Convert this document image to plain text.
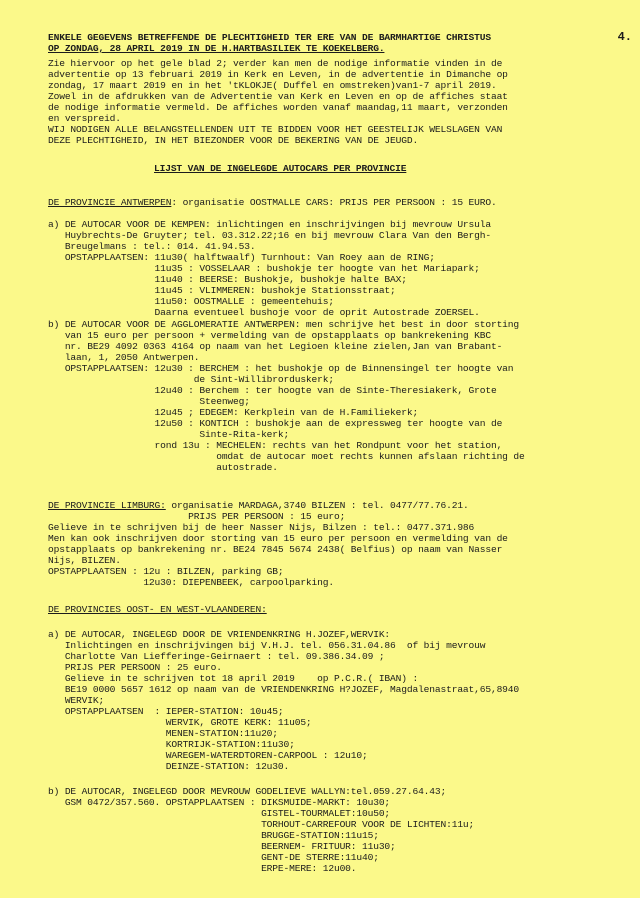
4.
ENKELE GEGEVENS BETREFFENDE DE PLECHTIGHEID TER ERE VAN DE BARMHARTIGE CHRISTUS
OP ZONDAG, 28 APRIL 2019 IN DE H.HARTBASILIEK TE KOEKELBERG.
Zie hiervoor op het gele blad 2; verder kan men de nodige informatie vinden in de
advertentie op 13 februari 2019 in Kerk en Leven, in de advertentie in Dimanche op
zondag, 17 maart 2019 en in het 'tKLOKJE( Duffel en omstreken)van1-7 april 2019.
Zowel in de afdrukken van de Advertentie van Kerk en Leven en op de affiches staat
de nodige informatie vermeld. De affiches worden vanaf maandag,11 maart, verzonden
en verspreid.
WIJ NODIGEN ALLE BELANGSTELLENDEN UIT TE BIDDEN VOOR HET GEESTELIJK WELSLAGEN VAN
DEZE PLECHTIGHEID, IN HET BIEZONDER VOOR DE BEKERING VAN DE JEUGD.
LIJST VAN DE INGELEGDE AUTOCARS PER PROVINCIE
DE PROVINCIE ANTWERPEN: organisatie OOSTMALLE CARS: PRIJS PER PERSOON : 15 EURO.
a) DE AUTOCAR VOOR DE KEMPEN: inlichtingen en inschrijvingen bij mevrouw Ursula
Huybrechts-De Gruyter; tel. 03.312.22;16 en bij mevrouw Clara Van den Bergh-
Breugelmans : tel.: 014. 41.94.53.
OPSTAPPLAATSEN: 11u30( halftwaalf) Turnhout: Van Roey aan de RING;
11u35 : VOSSELAAR : bushokje ter hoogte van het Mariapark;
11u40 : BEERSE: Bushokje, bushokje halte BAX;
11u45 : VLIMMEREN: bushokje Stationsstraat;
11u50: OOSTMALLE : gemeentehuis;
Daarna eventueel bushoje voor de oprit Autostrade ZOERSEL.
b) DE AUTOCAR VOOR DE AGGLOMERATIE ANTWERPEN: men schrijve het best in door storting
van 15 euro per persoon + vermelding van de opstapplaats op bankrekening KBC
nr. BE29 4092 0363 4164 op naam van het Legioen kleine zielen,Jan van Brabant-
laan, 1, 2050 Antwerpen.
OPSTAPPLAATSEN: 12u30 : BERCHEM : het bushokje op de Binnensingel ter hoogte van
de Sint-Willibrorduskerk;
12u40 : Berchem : ter hoogte van de Sinte-Theresiakerk, Grote
Steenweg;
12u45 ; EDEGEM: Kerkplein van de H.Familiekerk;
12u50 : KONTICH : bushokje aan de expressweg ter hoogte van de
Sinte-Rita-kerk;
rond 13u : MECHELEN: rechts van het Rondpunt voor het station,
omdat de autocar moet rechts kunnen afslaan richting de
autostrade.
DE PROVINCIE LIMBURG: organisatie MARDAGA,3740 BILZEN : tel. 0477/77.76.21.
PRIJS PER PERSOON : 15 euro;
Gelieve in te schrijven bij de heer Nasser Nijs, Bilzen : tel.: 0477.371.986
Men kan ook inschrijven door storting van 15 euro per persoon en vermelding van de
opstapplaats op bankrekening nr. BE24 7845 5674 2438( Belfius) op naam van Nasser
Nijs, BILZEN.
OPSTAPPLAATSEN : 12u : BILZEN, parking GB;
12u30: DIEPENBEEK, carpoolparking.
DE PROVINCIES OOST- EN WEST-VLAANDEREN:
a) DE AUTOCAR, INGELEGD DOOR DE VRIENDENKRING H.JOZEF,WERVIK:
Inlichtingen en inschrijvingen bij V.H.J. tel. 056.31.04.86  of bij mevrouw
Charlotte Van Liefferinge-Geirnaert : tel. 09.386.34.09 ;
PRIJS PER PERSOON : 25 euro.
Gelieve in te schrijven tot 18 april 2019    op P.C.R.( IBAN) :
BE19 0000 5657 1612 op naam van de VRIENDENKRING H?JOZEF, Magdalenastraat,65,8940
WERVIK;
OPSTAPPLAATSEN  : IEPER-STATION: 10u45;
WERVIK, GROTE KERK: 11u05;
MENEN-STATION:11u20;
KORTRIJK-STATION:11u30;
WAREGEM-WATERDTOREN-CARPOOL : 12u10;
DEINZE-STATION: 12u30.
b) DE AUTOCAR, INGELEGD DOOR MEVROUW GODELIEVE WALLYN:tel.059.27.64.43;
GSM 0472/357.560. OPSTAPPLAATSEN : DIKSMUIDE-MARKT: 10u30;
GISTEL-TOURMALET:10u50;
TORHOUT-CARREFOUR VOOR DE LICHTEN:11u;
BRUGGE-STATION:11u15;
BEERNEM- FRITUUR: 11u30;
GENT-DE STERRE:11u40;
ERPE-MERE: 12u00.
